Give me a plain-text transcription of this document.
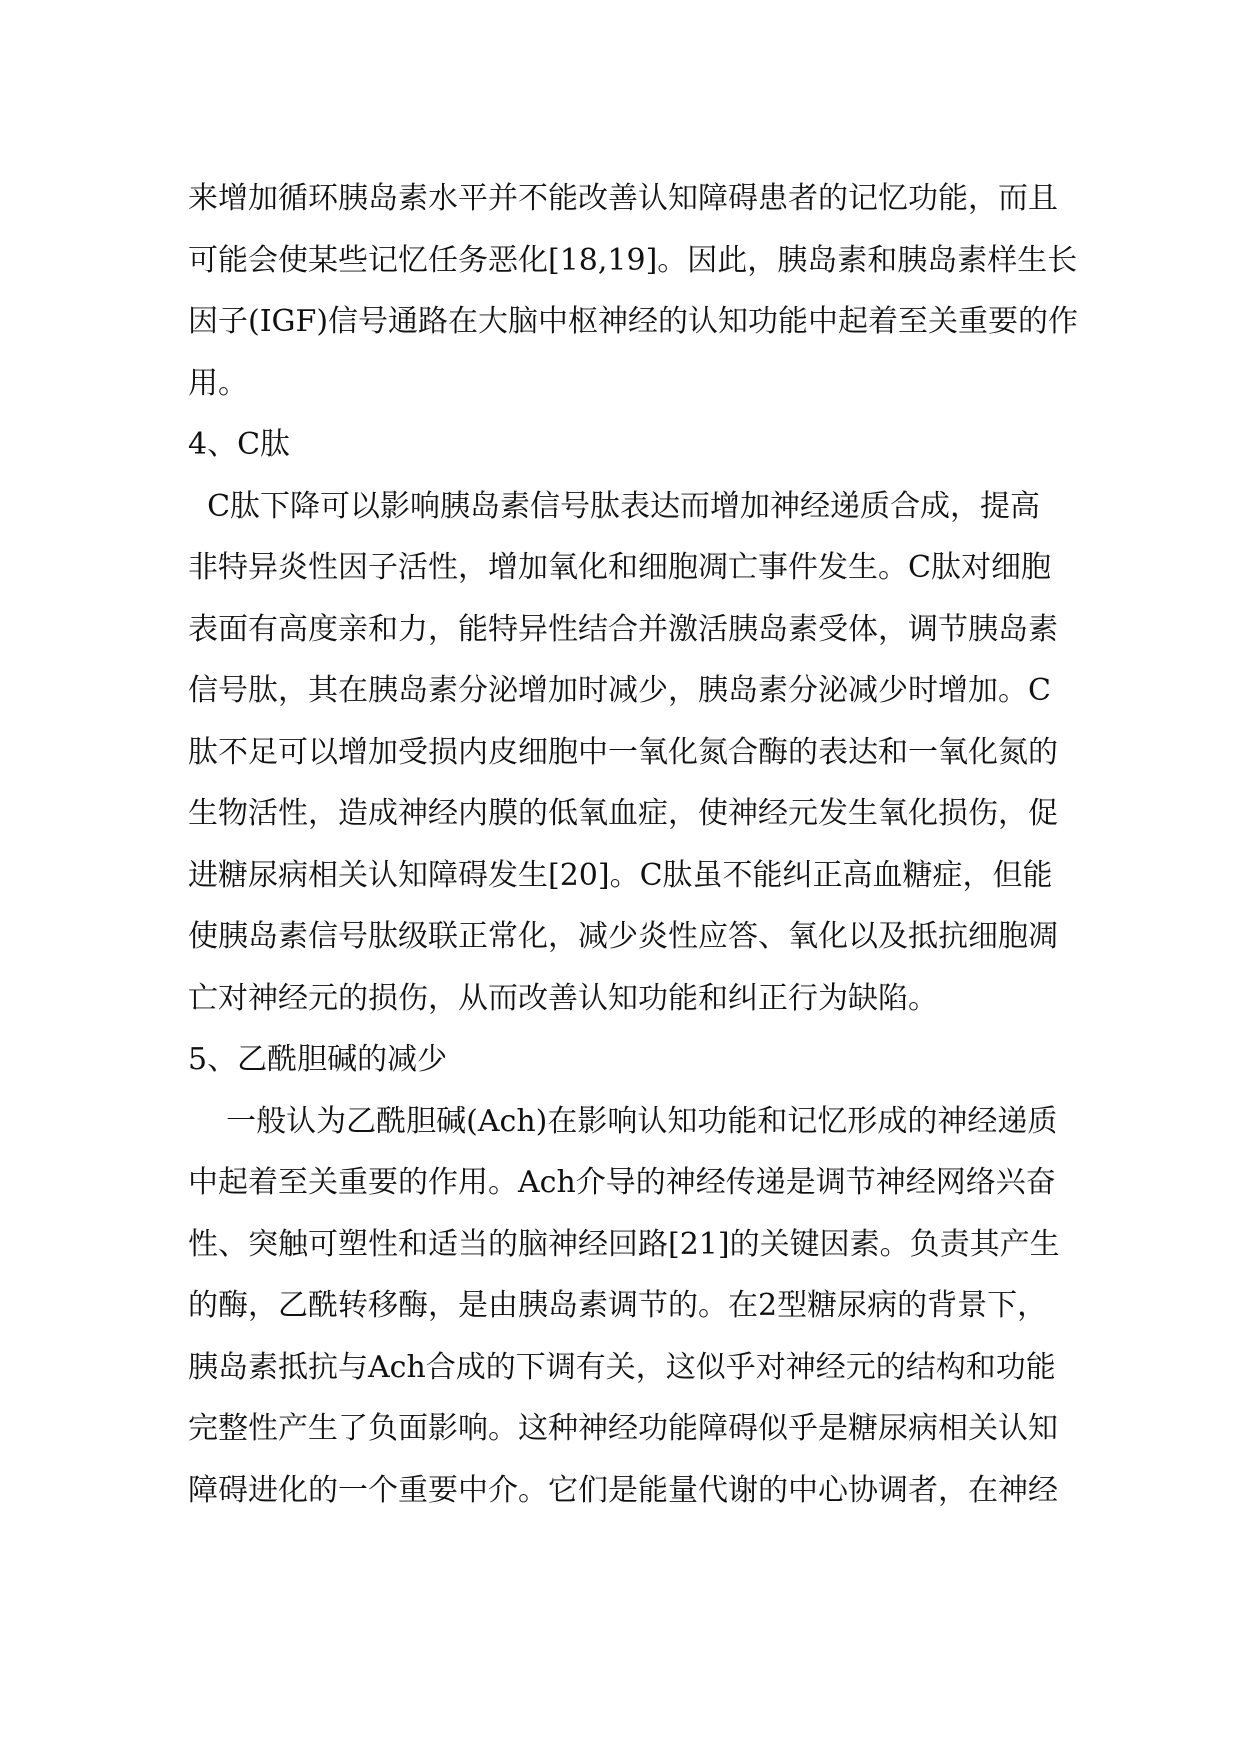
来增加循环胰岛素水平并不能改善认知障碍患者的记忆功能，而且
可能会使某些记忆任务恶化[18,19]。因此，胰岛素和胰岛素样生长
因子(IGF)信号通路在大脑中枢神经的认知功能中起着至关重要的作
用。
4、C肽
C肽下降可以影响胰岛素信号肽表达而增加神经递质合成，提高
非特异炎性因子活性，增加氧化和细胞凋亡事件发生。C肽对细胞
表面有高度亲和力，能特异性结合并激活胰岛素受体，调节胰岛素
信号肽，其在胰岛素分泌增加时减少，胰岛素分泌减少时增加。C
肽不足可以增加受损内皮细胞中一氧化氮合酶的表达和一氧化氮的
生物活性，造成神经内膜的低氧血症，使神经元发生氧化损伤，促
进糖尿病相关认知障碍发生[20]。C肽虽不能纠正高血糖症，但能
使胰岛素信号肽级联正常化，减少炎性应答、氧化以及抵抗细胞凋
亡对神经元的损伤，从而改善认知功能和纠正行为缺陷。
5、乙酰胆碱的减少
一般认为乙酰胆碱(Ach)在影响认知功能和记忆形成的神经递质
中起着至关重要的作用。Ach介导的神经传递是调节神经网络兴奋
性、突触可塑性和适当的脑神经回路[21]的关键因素。负责其产生
的酶，乙酰转移酶，是由胰岛素调节的。在2型糖尿病的背景下，
胰岛素抵抗与Ach合成的下调有关，这似乎对神经元的结构和功能
完整性产生了负面影响。这种神经功能障碍似乎是糖尿病相关认知
障碍进化的一个重要中介。它们是能量代谢的中心协调者，在神经
